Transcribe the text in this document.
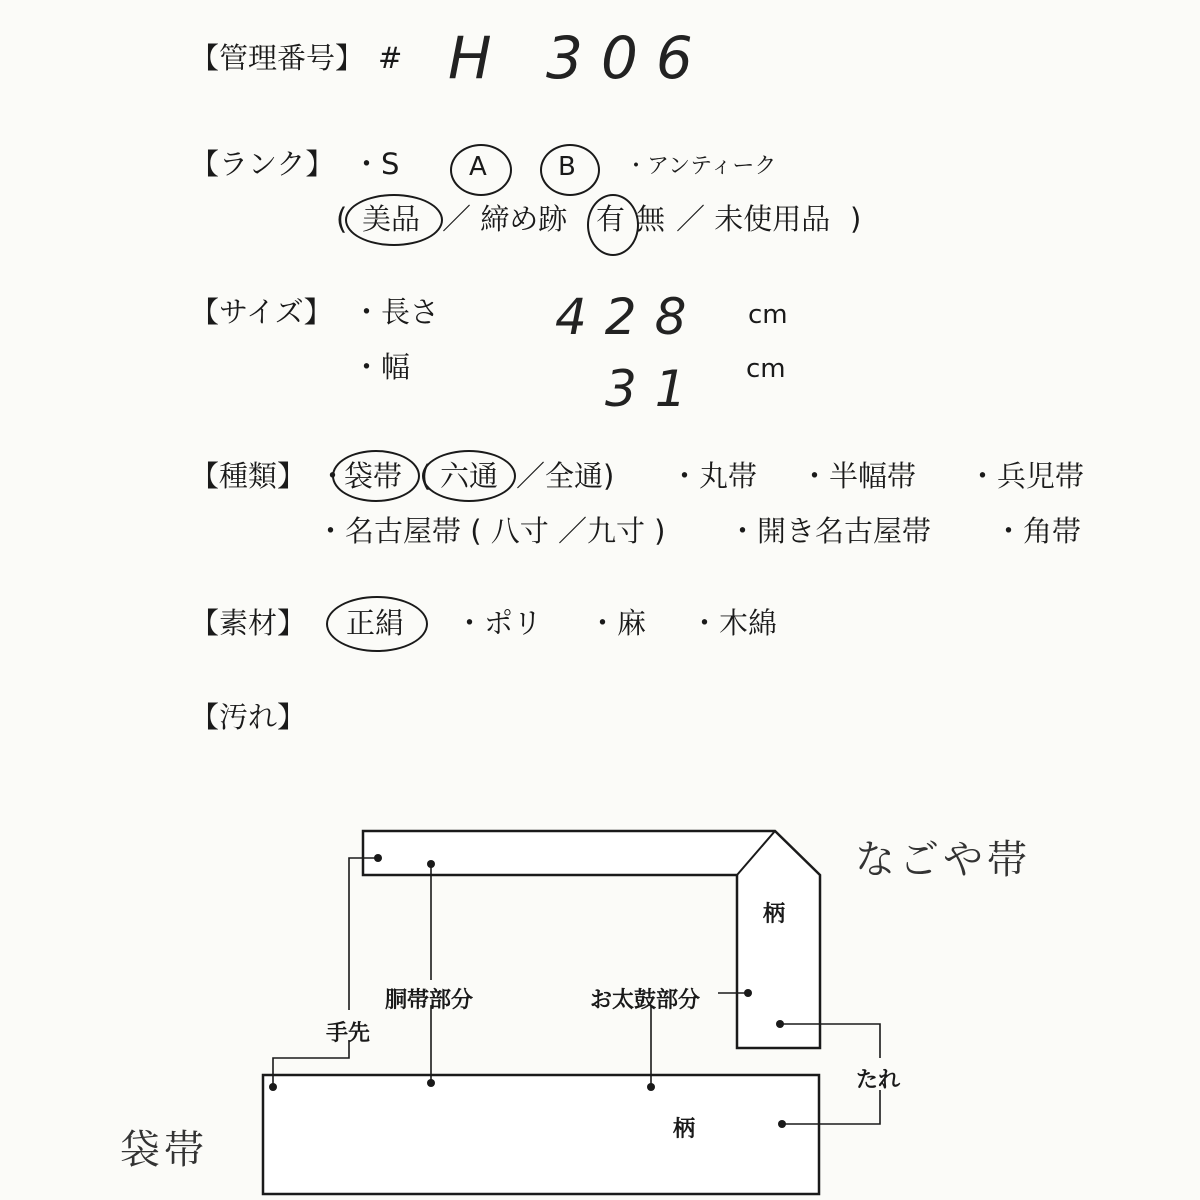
【管理番号】 # H 306
【ランク】 ・S	A	B ・アンティーク
( 美品 ／ 締め跡 有 無 ／ 未使用品 )
【サイズ】 ・長さ 428 cm
・幅	31 cm
【種類】 ・
袋帯 ( 六通 ／全通) ・丸帯 ・半幅帯 ・兵児帯
・名古屋帯 ( 八寸 ／九寸 ) ・開き名古屋帯 ・角帯
【素材】 正絹 ・ポリ ・麻 ・木綿
【汚れ】
なごや帯
袋帯
柄
柄
胴帯部分	お太鼓部分
手先
たれ
